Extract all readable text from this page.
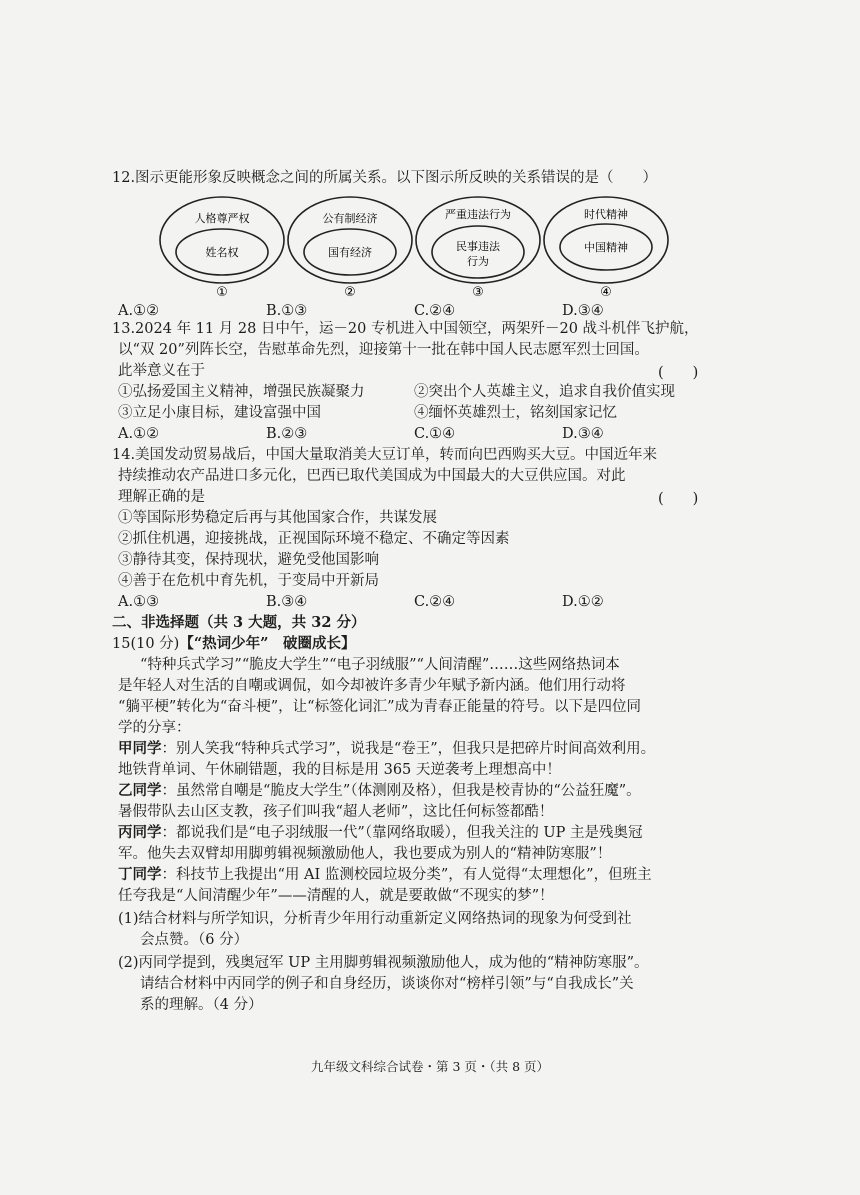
12.图示更能形象反映概念之间的所属关系。以下图示所反映的关系错误的是（　　）
人格尊严权
姓名权
①
公有制经济
国有经济
②
严重违法行为
民事违法
行为
③
时代精神
中国精神
④
A.①②	B.①③	C.②④	D.③④
13.2024 年 11 月 28 日中午，运－20 专机进入中国领空，两架歼－20 战斗机伴飞护航，
以“双 20”列阵长空，告慰革命先烈，迎接第十一批在韩中国人民志愿军烈士回国。
此举意义在于	(　　)
①弘扬爱国主义精神，增强民族凝聚力	②突出个人英雄主义，追求自我价值实现
③立足小康目标，建设富强中国	④缅怀英雄烈士，铭刻国家记忆
A.①②	B.②③	C.①④	D.③④
14.美国发动贸易战后，中国大量取消美大豆订单，转而向巴西购买大豆。中国近年来
持续推动农产品进口多元化，巴西已取代美国成为中国最大的大豆供应国。对此
理解正确的是	(　　)
①等国际形势稳定后再与其他国家合作，共谋发展
②抓住机遇，迎接挑战，正视国际环境不稳定、不确定等因素
③静待其变，保持现状，避免受他国影响
④善于在危机中育先机，于变局中开新局
A.①③	B.③④	C.②④	D.①②
二、非选择题（共 3 大题，共 32 分）
15(10 分)【“热词少年”　破圈成长】
“特种兵式学习”“脆皮大学生”“电子羽绒服”“人间清醒”……这些网络热词本
是年轻人对生活的自嘲或调侃，如今却被许多青少年赋予新内涵。他们用行动将
“躺平梗”转化为“奋斗梗”，让“标签化词汇”成为青春正能量的符号。以下是四位同
学的分享：
甲同学：别人笑我“特种兵式学习”，说我是“卷王”，但我只是把碎片时间高效利用。
地铁背单词、午休刷错题，我的目标是用 365 天逆袭考上理想高中！
乙同学：虽然常自嘲是“脆皮大学生”（体测刚及格），但我是校青协的“公益狂魔”。
暑假带队去山区支教，孩子们叫我“超人老师”，这比任何标签都酷！
丙同学：都说我们是“电子羽绒服一代”（靠网络取暖），但我关注的 UP 主是残奥冠
军。他失去双臂却用脚剪辑视频激励他人，我也要成为别人的“精神防寒服”！
丁同学：科技节上我提出“用 AI 监测校园垃圾分类”，有人觉得“太理想化”，但班主
任夸我是“人间清醒少年”——清醒的人，就是要敢做“不现实的梦”！
(1)结合材料与所学知识，分析青少年用行动重新定义网络热词的现象为何受到社
会点赞。（6 分）
(2)丙同学提到，残奥冠军 UP 主用脚剪辑视频激励他人，成为他的“精神防寒服”。
请结合材料中丙同学的例子和自身经历，谈谈你对“榜样引领”与“自我成长”关
系的理解。（4 分）
九年级文科综合试卷・第 3 页・（共 8 页）
